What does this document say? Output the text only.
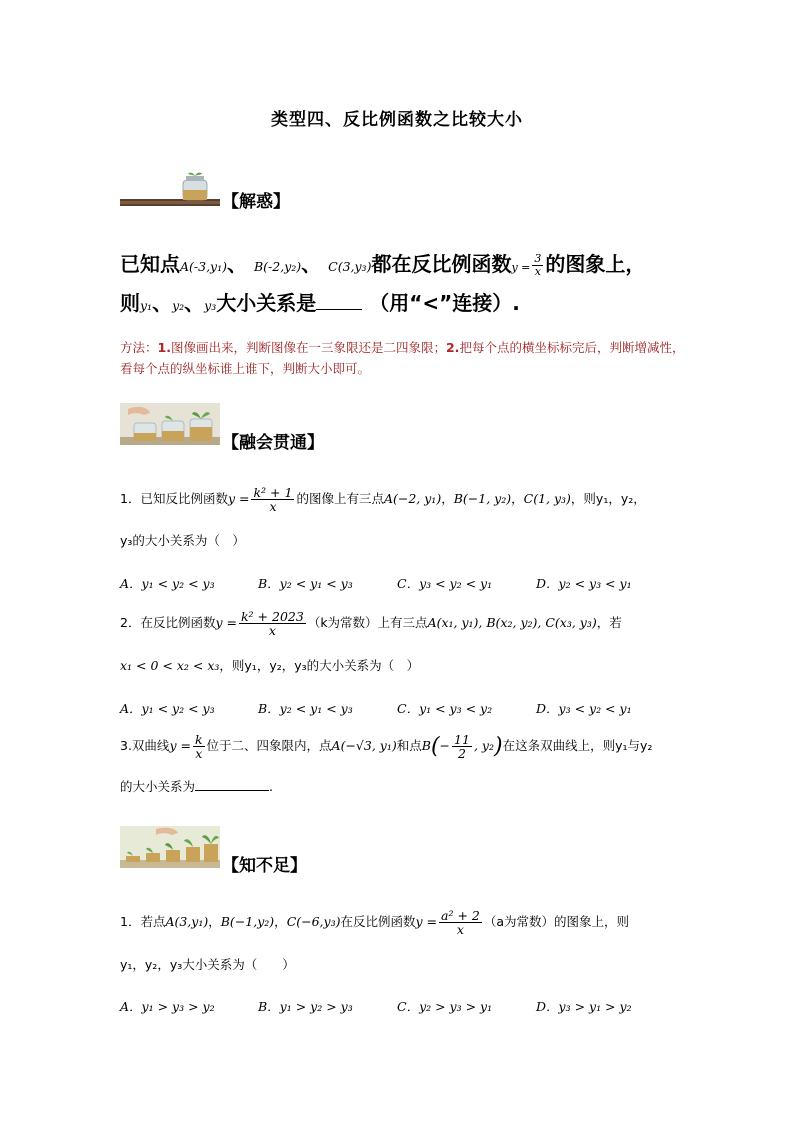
类型四、反比例函数之比较大小
【解惑】
已知点A(-3,y₁)、 B(-2,y₂)、 C(3,y₃)都在反比例函数$y = \frac{3}{x}$ 的图象上，
则y₁、y₂、y₃大小关系是	（用“<”连接）.
方法：1.图像画出来，判断图像在一三象限还是二四象限；2.把每个点的横坐标标完后，判断增减性，看每个点的纵坐标谁上谁下，判断大小即可。
【融会贯通】
1．已知反比例函数$y = \frac{\text{k² + 1}}{x}$ 的图像上有三点A(−2, y₁)，B(−1, y₂)，C(1, y₃)，则y₁，y₂，
y₃的大小关系为（　）
A．y₁ < y₂ < y₃	B．y₂ < y₁ < y₃	C．y₃ < y₂ < y₁	D．y₂ < y₃ < y₁
2．在反比例函数$y = \frac{\text{k² + 2023}}{x} (k$为常数）上有三点A(x₁, y₁), B(x₂, y₂), C(x₃, y₃)，若
x₁ < 0 < x₂ < x₃，则y₁，y₂，y₃的大小关系为（　）
A．y₁ < y₂ < y₃	B．y₂ < y₁ < y₃	C．y₁ < y₃ < y₂	D．y₃ < y₂ < y₁
3.双曲线$y = \frac{k}{x}$ 位于二、四象限内，点A(−√3, y₁)和点$B(- \frac{11}{2}$ , y₂)在这条双曲线上，则y₁与y₂
的大小关系为	.
【知不足】
1．若点A(3,y₁)，B(−1,y₂)，C(−6,y₃)在反比例函数$y = \frac{\text{a² + 2}}{x} (a$为常数）的图象上，则
y₁，y₂，y₃大小关系为（　　）
A．y₁ > y₃ > y₂	B．y₁ > y₂ > y₃	C．y₂ > y₃ > y₁	D．y₃ > y₁ > y₂
